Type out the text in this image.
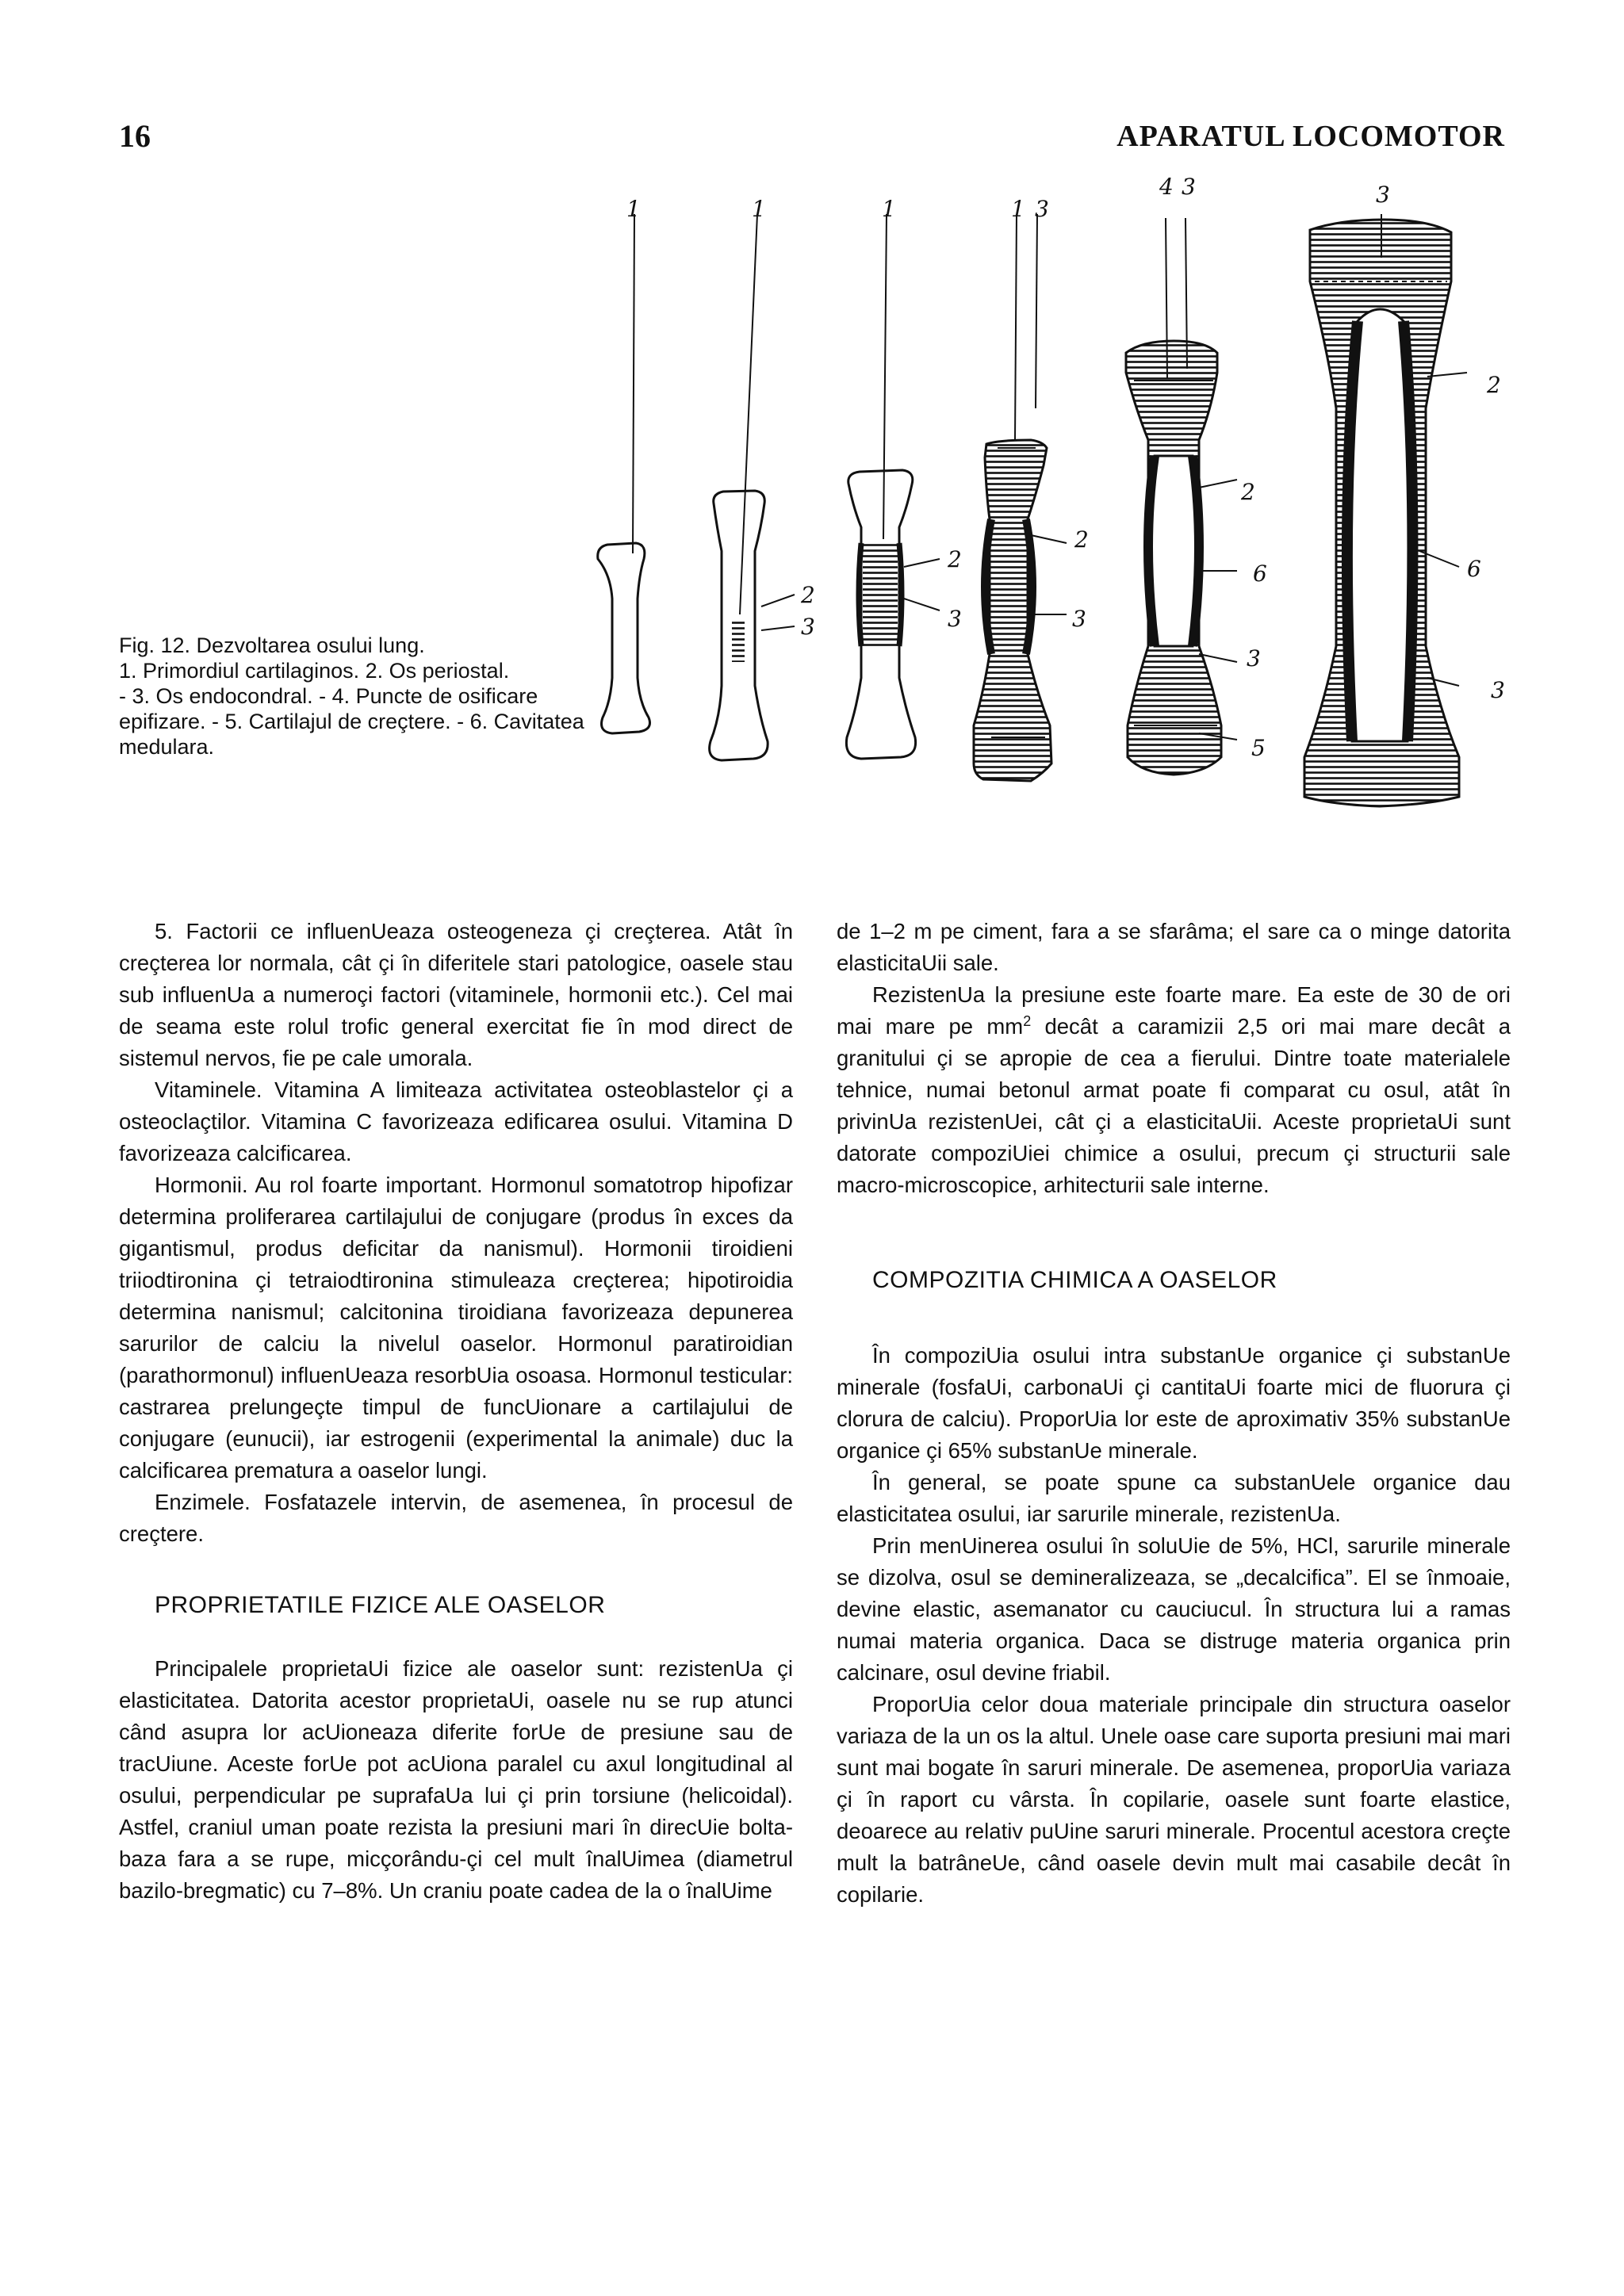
16	APARATUL LOCOMOTOR
Fig. 12. Dezvoltarea osului lung.
1. Primordiul cartilaginos. 2. Os periostal.
- 3. Os endocondral. - 4. Puncte de osificare
epifizare. - 5. Cartilajul de creçtere. - 6. Cavitatea
medulara.
1	1	1	1 3
4 3	3
2
2
6	6
3
3
5
2
3
2
3
2
3

5. Factorii ce influenUeaza osteogeneza çi creçterea. Atât în creçterea lor normala, cât çi în diferitele stari patologice, oasele stau sub influenUa a numeroçi factori (vitaminele, hormonii etc.). Cel mai de seama este rolul trofic general exercitat fie în mod direct de sistemul nervos, fie pe cale umorala.

Vitaminele. Vitamina A limiteaza activitatea osteoblastelor çi a osteoclaçtilor. Vitamina C favorizeaza edificarea osului. Vitamina D favorizeaza calcificarea.

Hormonii. Au rol foarte important. Hormonul somatotrop hipofizar determina proliferarea cartilajului de conjugare (produs în exces da gigantismul, produs deficitar da nanismul). Hormonii tiroidieni triiodtironina çi tetraiodtironina stimuleaza creçterea; hipotiroidia determina nanismul; calcitonina tiroidiana favorizeaza depunerea sarurilor de calciu la nivelul oaselor. Hormonul paratiroidian (parathormonul) influenUeaza resorbUia osoasa. Hormonul testicular: castrarea prelungeçte timpul de funcUionare a cartilajului de conjugare (eunucii), iar estrogenii (experimental la animale) duc la calcificarea prematura a oaselor lungi.

Enzimele. Fosfatazele intervin, de asemenea, în procesul de creçtere.

PROPRIETATILE FIZICE ALE OASELOR

Principalele proprietaUi fizice ale oaselor sunt: rezistenUa çi elasticitatea. Datorita acestor proprietaUi, oasele nu se rup atunci când asupra lor acUioneaza diferite forUe de presiune sau de tracUiune. Aceste forUe pot acUiona paralel cu axul longitudinal al osului, perpendicular pe suprafaUa lui çi prin torsiune (helicoidal). Astfel, craniul uman poate rezista la presiuni mari în direcUie bolta-baza fara a se rupe, micçorându-çi cel mult înalUimea (diametrul bazilo-bregmatic) cu 7–8%. Un craniu poate cadea de la o înalUime

de 1–2 m pe ciment, fara a se sfarâma; el sare ca o minge datorita elasticitaUii sale.

RezistenUa la presiune este foarte mare. Ea este de 30 de ori mai mare pe $mm^2$ decât a caramizii 2,5 ori mai mare decât a granitului çi se apropie de cea a fierului. Dintre toate materialele tehnice, numai betonul armat poate fi comparat cu osul, atât în privinUa rezistenUei, cât çi a elasticitaUii. Aceste proprietaUi sunt datorate compoziUiei chimice a osului, precum çi structurii sale macro-microscopice, arhitecturii sale interne.

COMPOZITIA CHIMICA A OASELOR

În compoziUia osului intra substanUe organice çi substanUe minerale (fosfaUi, carbonaUi çi cantitaUi foarte mici de fluorura çi clorura de calciu). ProporUia lor este de aproximativ 35% substanUe organice çi 65% substanUe minerale.

În general, se poate spune ca substanUele organice dau elasticitatea osului, iar sarurile minerale, rezistenUa.

Prin menUinerea osului în soluUie de 5%, HCl, sarurile minerale se dizolva, osul se demineralizeaza, se „decalcifica”. El se înmoaie, devine elastic, asemanator cu cauciucul. În structura lui a ramas numai materia organica. Daca se distruge materia organica prin calcinare, osul devine friabil.

ProporUia celor doua materiale principale din structura oaselor variaza de la un os la altul. Unele oase care suporta presiuni mai mari sunt mai bogate în saruri minerale. De asemenea, proporUia variaza çi în raport cu vârsta. În copilarie, oasele sunt foarte elastice, deoarece au relativ puUine saruri minerale. Procentul acestora creçte mult la batrâneUe, când oasele devin mult mai casabile decât în copilarie.
